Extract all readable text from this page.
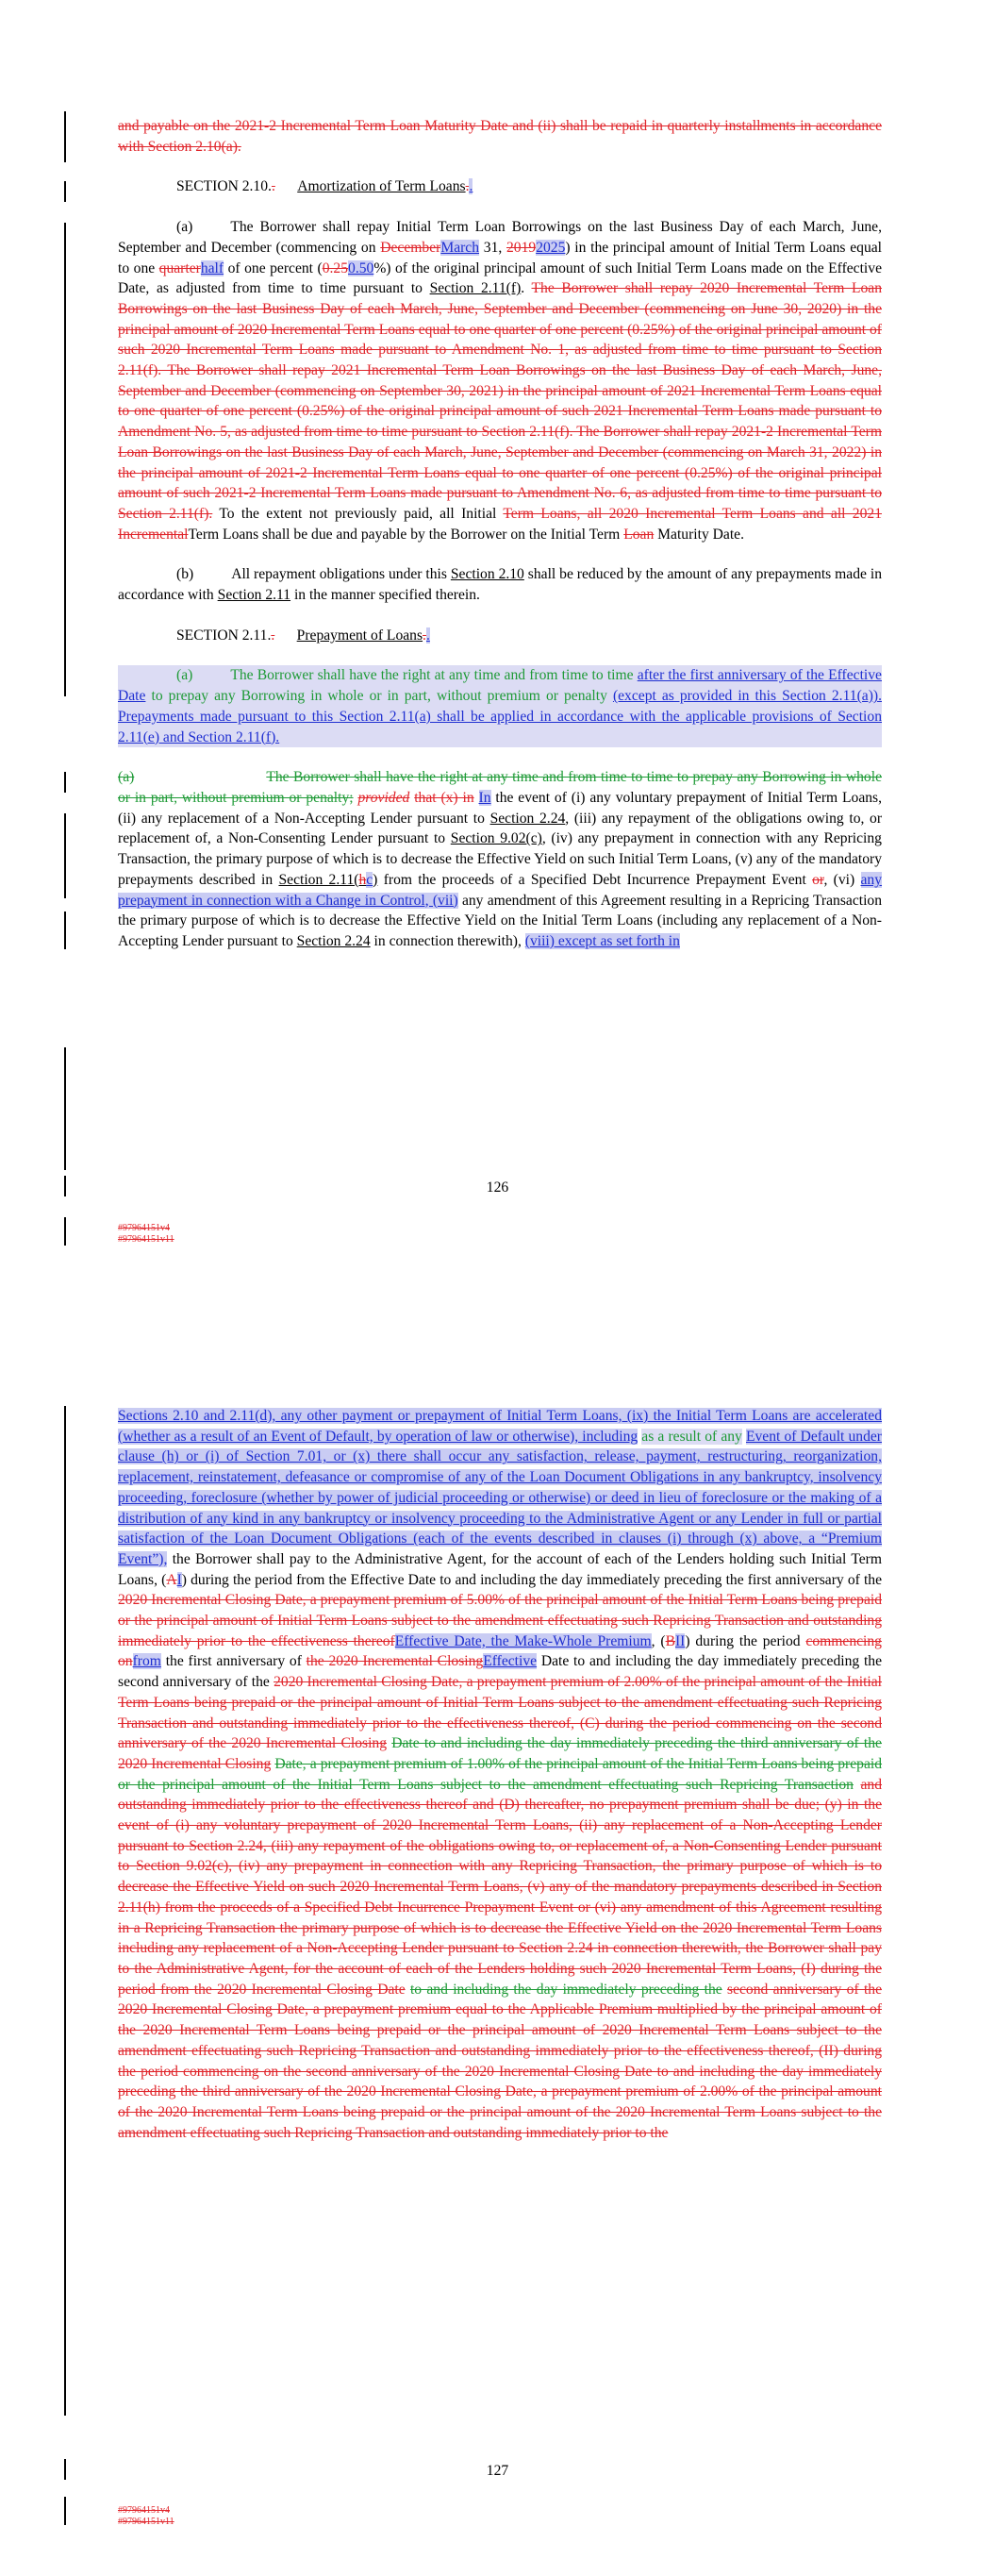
and payable on the 2021-2 Incremental Term Loan Maturity Date and (ii) shall be repaid in quarterly installments in accordance with Section 2.10(a).

SECTION 2.10.. Amortization of Term Loans..

(a)	The Borrower shall repay Initial Term Loan Borrowings on the last Business Day of each March, June, September and December (commencing on DecemberMarch 31, 20192025) in the principal amount of Initial Term Loans equal to one quarterhalf of one percent (0.250.50%) of the original principal amount of such Initial Term Loans made on the Effective Date, as adjusted from time to time pursuant to Section 2.11(f). The Borrower shall repay 2020 Incremental Term Loan Borrowings on the last Business Day of each March, June, September and December (commencing on June 30, 2020) in the principal amount of 2020 Incremental Term Loans equal to one quarter of one percent (0.25%) of the original principal amount of such 2020 Incremental Term Loans made pursuant to Amendment No. 1, as adjusted from time to time pursuant to Section 2.11(f). The Borrower shall repay 2021 Incremental Term Loan Borrowings on the last Business Day of each March, June, September and December (commencing on September 30, 2021) in the principal amount of 2021 Incremental Term Loans equal to one quarter of one percent (0.25%) of the original principal amount of such 2021 Incremental Term Loans made pursuant to Amendment No. 5, as adjusted from time to time pursuant to Section 2.11(f). The Borrower shall repay 2021-2 Incremental Term Loan Borrowings on the last Business Day of each March, June, September and December (commencing on March 31, 2022) in the principal amount of 2021-2 Incremental Term Loans equal to one quarter of one percent (0.25%) of the original principal amount of such 2021-2 Incremental Term Loans made pursuant to Amendment No. 6, as adjusted from time to time pursuant to Section 2.11(f). To the extent not previously paid, all Initial Term Loans, all 2020 Incremental Term Loans and all 2021 IncrementalTerm Loans shall be due and payable by the Borrower on the Initial Term Loan Maturity Date.

(b)	All repayment obligations under this Section 2.10 shall be reduced by the amount of any prepayments made in accordance with Section 2.11 in the manner specified therein.

SECTION 2.11.. Prepayment of Loans..

(a)	The Borrower shall have the right at any time and from time to time after the first anniversary of the Effective Date to prepay any Borrowing in whole or in part, without premium or penalty (except as provided in this Section 2.11(a)). Prepayments made pursuant to this Section 2.11(a) shall be applied in accordance with the applicable provisions of Section 2.11(e) and Section 2.11(f).

(a)	The Borrower shall have the right at any time and from time to time to prepay any Borrowing in whole or in part, without premium or penalty; provided that (x) in In the event of (i) any voluntary prepayment of Initial Term Loans, (ii) any replacement of a Non-Accepting Lender pursuant to Section 2.24, (iii) any repayment of the obligations owing to, or replacement of, a Non-Consenting Lender pursuant to Section 9.02(c), (iv) any prepayment in connection with any Repricing Transaction, the primary purpose of which is to decrease the Effective Yield on such Initial Term Loans, (v) any of the mandatory prepayments described in Section 2.11(hc) from the proceeds of a Specified Debt Incurrence Prepayment Event or, (vi) any prepayment in connection with a Change in Control, (vii) any amendment of this Agreement resulting in a Repricing Transaction the primary purpose of which is to decrease the Effective Yield on the Initial Term Loans (including any replacement of a Non-Accepting Lender pursuant to Section 2.24 in connection therewith), (viii) except as set forth in

126
#97964151v4
#97964151v11

Sections 2.10 and 2.11(d), any other payment or prepayment of Initial Term Loans, (ix) the Initial Term Loans are accelerated (whether as a result of an Event of Default, by operation of law or otherwise), including as a result of any Event of Default under clause (h) or (i) of Section 7.01, or (x) there shall occur any satisfaction, release, payment, restructuring, reorganization, replacement, reinstatement, defeasance or compromise of any of the Loan Document Obligations in any bankruptcy, insolvency proceeding, foreclosure (whether by power of judicial proceeding or otherwise) or deed in lieu of foreclosure or the making of a distribution of any kind in any bankruptcy or insolvency proceeding to the Administrative Agent or any Lender in full or partial satisfaction of the Loan Document Obligations (each of the events described in clauses (i) through (x) above, a “Premium Event”), the Borrower shall pay to the Administrative Agent, for the account of each of the Lenders holding such Initial Term Loans, (AI) during the period from the Effective Date to and including the day immediately preceding the first anniversary of the 2020 Incremental Closing Date, a prepayment premium of 5.00% of the principal amount of the Initial Term Loans being prepaid or the principal amount of Initial Term Loans subject to the amendment effectuating such Repricing Transaction and outstanding immediately prior to the effectiveness thereofEffective Date, the Make-Whole Premium, (BII) during the period commencing onfrom the first anniversary of the 2020 Incremental ClosingEffective Date to and including the day immediately preceding the second anniversary of the 2020 Incremental Closing Date, a prepayment premium of 2.00% of the principal amount of the Initial Term Loans being prepaid or the principal amount of Initial Term Loans subject to the amendment effectuating such Repricing Transaction and outstanding immediately prior to the effectiveness thereof, (C) during the period commencing on the second anniversary of the 2020 Incremental Closing Date to and including the day immediately preceding the third anniversary of the 2020 Incremental Closing Date, a prepayment premium of 1.00% of the principal amount of the Initial Term Loans being prepaid or the principal amount of the Initial Term Loans subject to the amendment effectuating such Repricing Transaction and outstanding immediately prior to the effectiveness thereof and (D) thereafter, no prepayment premium shall be due; (y) in the event of (i) any voluntary prepayment of 2020 Incremental Term Loans, (ii) any replacement of a Non-Accepting Lender pursuant to Section 2.24, (iii) any repayment of the obligations owing to, or replacement of, a Non-Consenting Lender pursuant to Section 9.02(c), (iv) any prepayment in connection with any Repricing Transaction, the primary purpose of which is to decrease the Effective Yield on such 2020 Incremental Term Loans, (v) any of the mandatory prepayments described in Section 2.11(h) from the proceeds of a Specified Debt Incurrence Prepayment Event or (vi) any amendment of this Agreement resulting in a Repricing Transaction the primary purpose of which is to decrease the Effective Yield on the 2020 Incremental Term Loans including any replacement of a Non-Accepting Lender pursuant to Section 2.24 in connection therewith, the Borrower shall pay to the Administrative Agent, for the account of each of the Lenders holding such 2020 Incremental Term Loans, (I) during the period from the 2020 Incremental Closing Date to and including the day immediately preceding the second anniversary of the 2020 Incremental Closing Date, a prepayment premium equal to the Applicable Premium multiplied by the principal amount of the 2020 Incremental Term Loans being prepaid or the principal amount of 2020 Incremental Term Loans subject to the amendment effectuating such Repricing Transaction and outstanding immediately prior to the effectiveness thereof, (II) during the period commencing on the second anniversary of the 2020 Incremental Closing Date to and including the day immediately preceding the third anniversary of the 2020 Incremental Closing Date, a prepayment premium of 2.00% of the principal amount of the 2020 Incremental Term Loans being prepaid or the principal amount of the 2020 Incremental Term Loans subject to the amendment effectuating such Repricing Transaction and outstanding immediately prior to the

127
#97964151v4
#97964151v11
